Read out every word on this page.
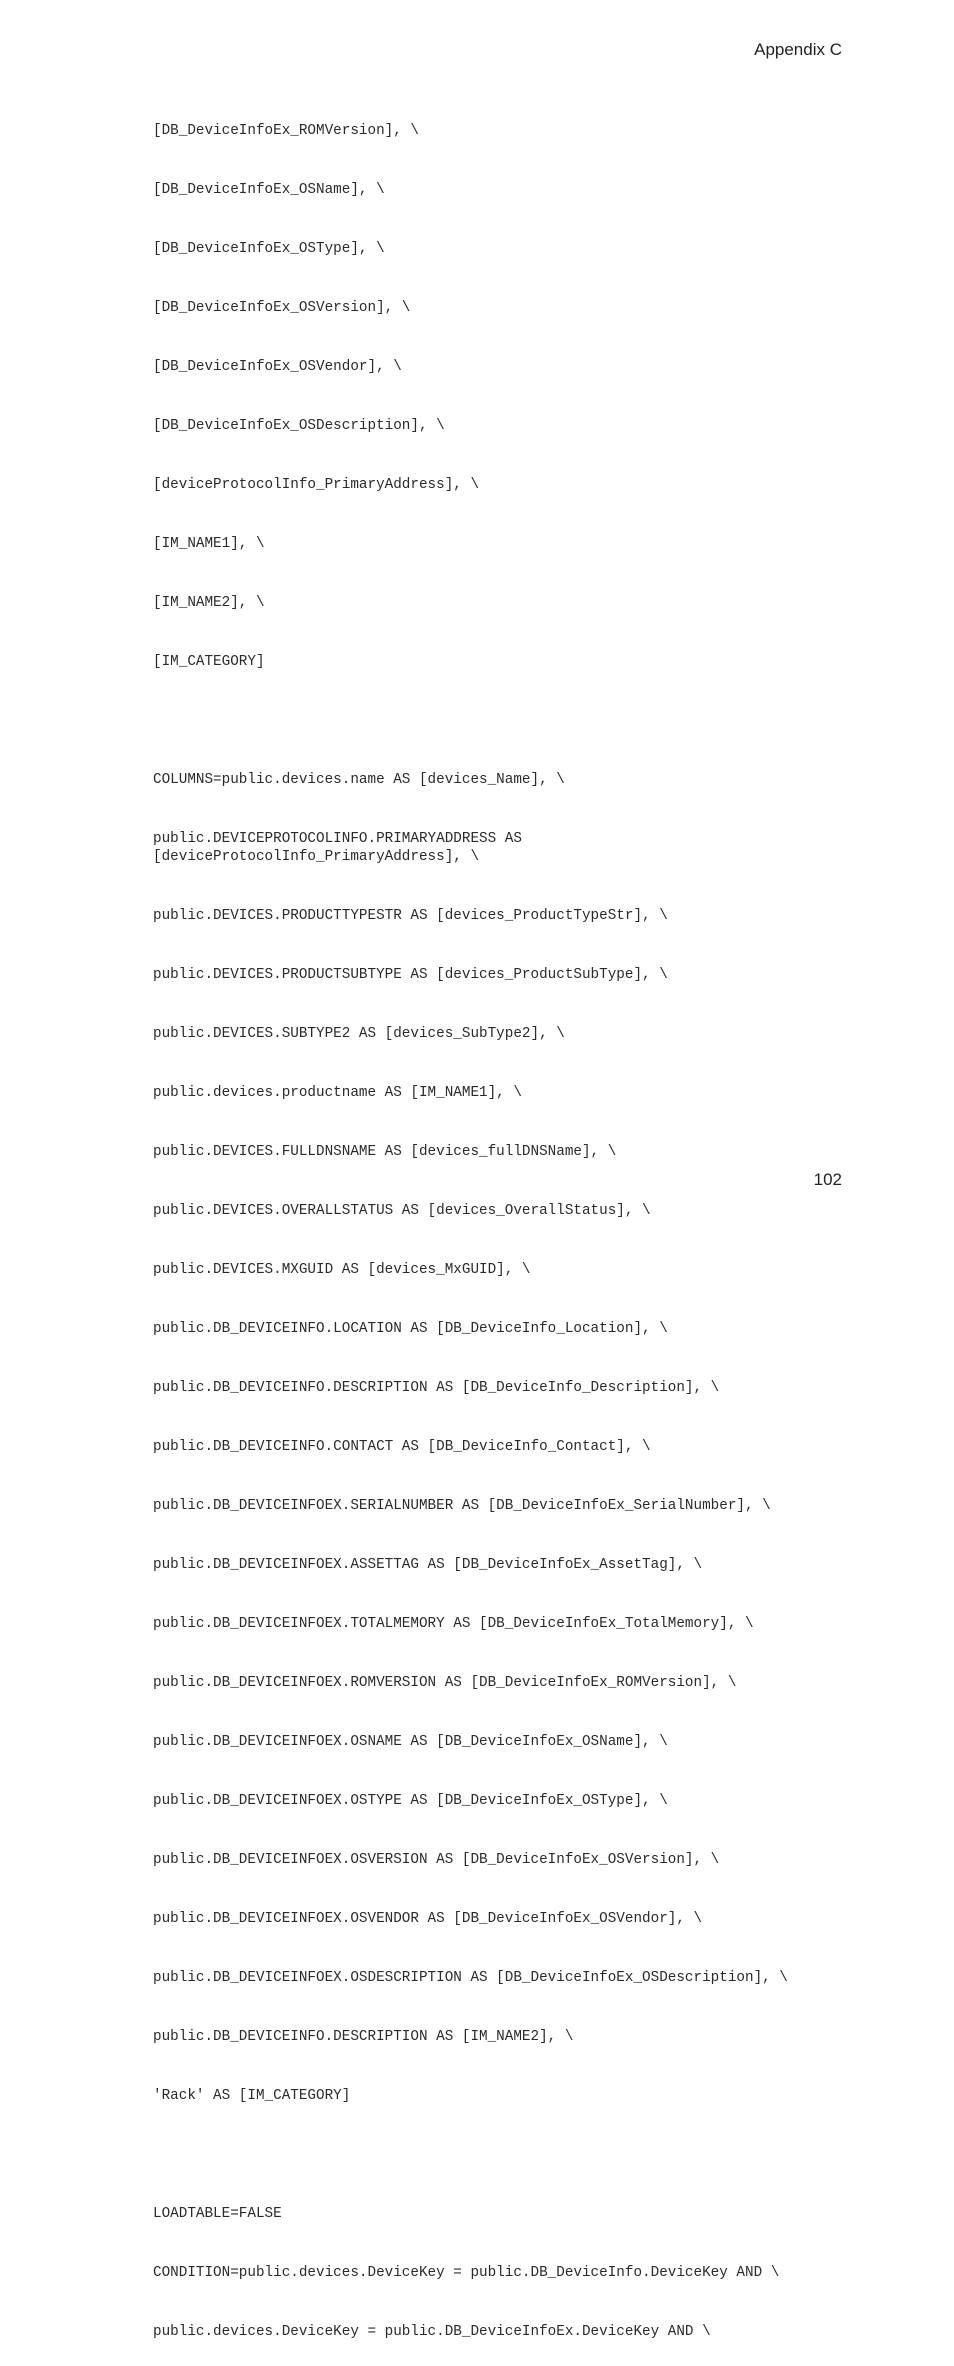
Appendix C

[DB_DeviceInfoEx_ROMVersion], \

[DB_DeviceInfoEx_OSName], \

[DB_DeviceInfoEx_OSType], \

[DB_DeviceInfoEx_OSVersion], \

[DB_DeviceInfoEx_OSVendor], \

[DB_DeviceInfoEx_OSDescription], \

[deviceProtocolInfo_PrimaryAddress], \

[IM_NAME1], \

[IM_NAME2], \

[IM_CATEGORY]

COLUMNS=public.devices.name AS [devices_Name], \

public.DEVICEPROTOCOLINFO.PRIMARYADDRESS AS
[deviceProtocolInfo_PrimaryAddress], \

public.DEVICES.PRODUCTTYPESTR AS [devices_ProductTypeStr], \

public.DEVICES.PRODUCTSUBTYPE AS [devices_ProductSubType], \

public.DEVICES.SUBTYPE2 AS [devices_SubType2], \

public.devices.productname AS [IM_NAME1], \

public.DEVICES.FULLDNSNAME AS [devices_fullDNSName], \

public.DEVICES.OVERALLSTATUS AS [devices_OverallStatus], \

public.DEVICES.MXGUID AS [devices_MxGUID], \

public.DB_DEVICEINFO.LOCATION AS [DB_DeviceInfo_Location], \

public.DB_DEVICEINFO.DESCRIPTION AS [DB_DeviceInfo_Description], \

public.DB_DEVICEINFO.CONTACT AS [DB_DeviceInfo_Contact], \

public.DB_DEVICEINFOEX.SERIALNUMBER AS [DB_DeviceInfoEx_SerialNumber], \

public.DB_DEVICEINFOEX.ASSETTAG AS [DB_DeviceInfoEx_AssetTag], \

public.DB_DEVICEINFOEX.TOTALMEMORY AS [DB_DeviceInfoEx_TotalMemory], \

public.DB_DEVICEINFOEX.ROMVERSION AS [DB_DeviceInfoEx_ROMVersion], \

public.DB_DEVICEINFOEX.OSNAME AS [DB_DeviceInfoEx_OSName], \

public.DB_DEVICEINFOEX.OSTYPE AS [DB_DeviceInfoEx_OSType], \

public.DB_DEVICEINFOEX.OSVERSION AS [DB_DeviceInfoEx_OSVersion], \

public.DB_DEVICEINFOEX.OSVENDOR AS [DB_DeviceInfoEx_OSVendor], \

public.DB_DEVICEINFOEX.OSDESCRIPTION AS [DB_DeviceInfoEx_OSDescription], \

public.DB_DEVICEINFO.DESCRIPTION AS [IM_NAME2], \

'Rack' AS [IM_CATEGORY]

LOADTABLE=FALSE

CONDITION=public.devices.DeviceKey = public.DB_DeviceInfo.DeviceKey AND \

public.devices.DeviceKey = public.DB_DeviceInfoEx.DeviceKey AND \

102
